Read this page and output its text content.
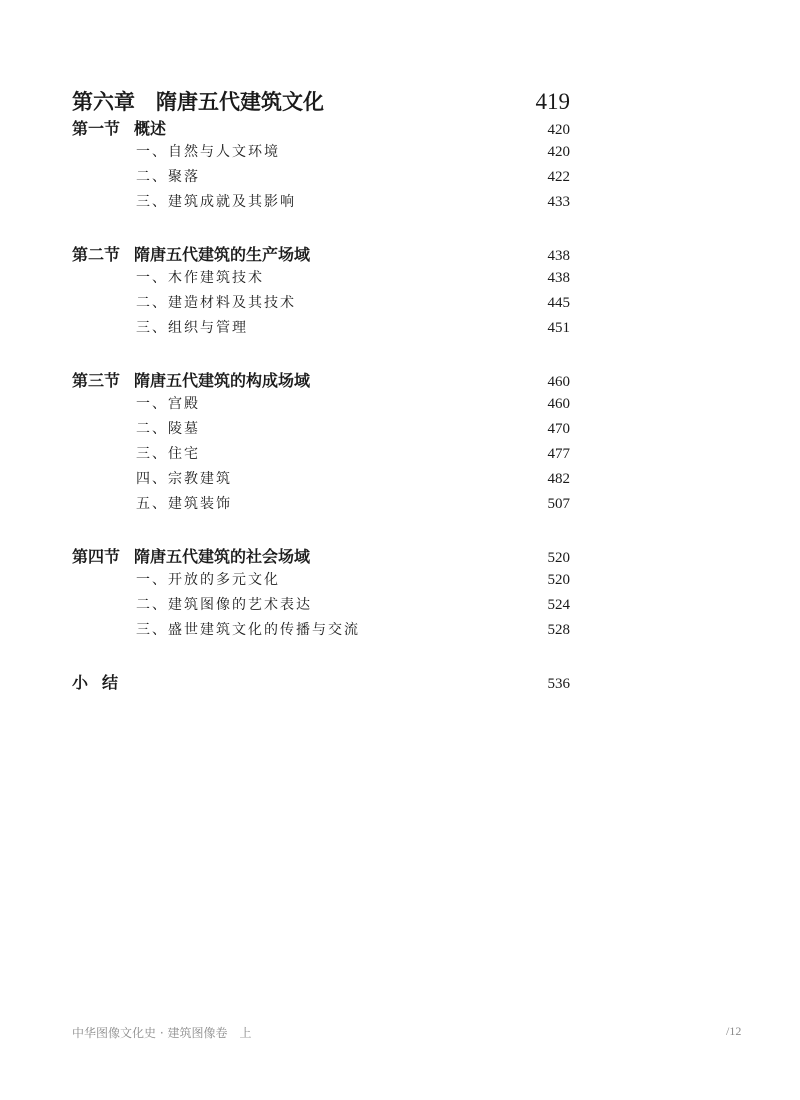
第六章　隋唐五代建筑文化	419
第一节 概述	420
一、自然与人文环境	420
二、聚落	422
三、建筑成就及其影响	433
第二节 隋唐五代建筑的生产场域	438
一、木作建筑技术	438
二、建造材料及其技术	445
三、组织与管理	451
第三节 隋唐五代建筑的构成场域	460
一、宫殿	460
二、陵墓	470
三、住宅	477
四、宗教建筑	482
五、建筑装饰	507
第四节 隋唐五代建筑的社会场域	520
一、开放的多元文化	520
二、建筑图像的艺术表达	524
三、盛世建筑文化的传播与交流	528
小结	536
中华图像文化史 · 建筑图像卷　上	/12
